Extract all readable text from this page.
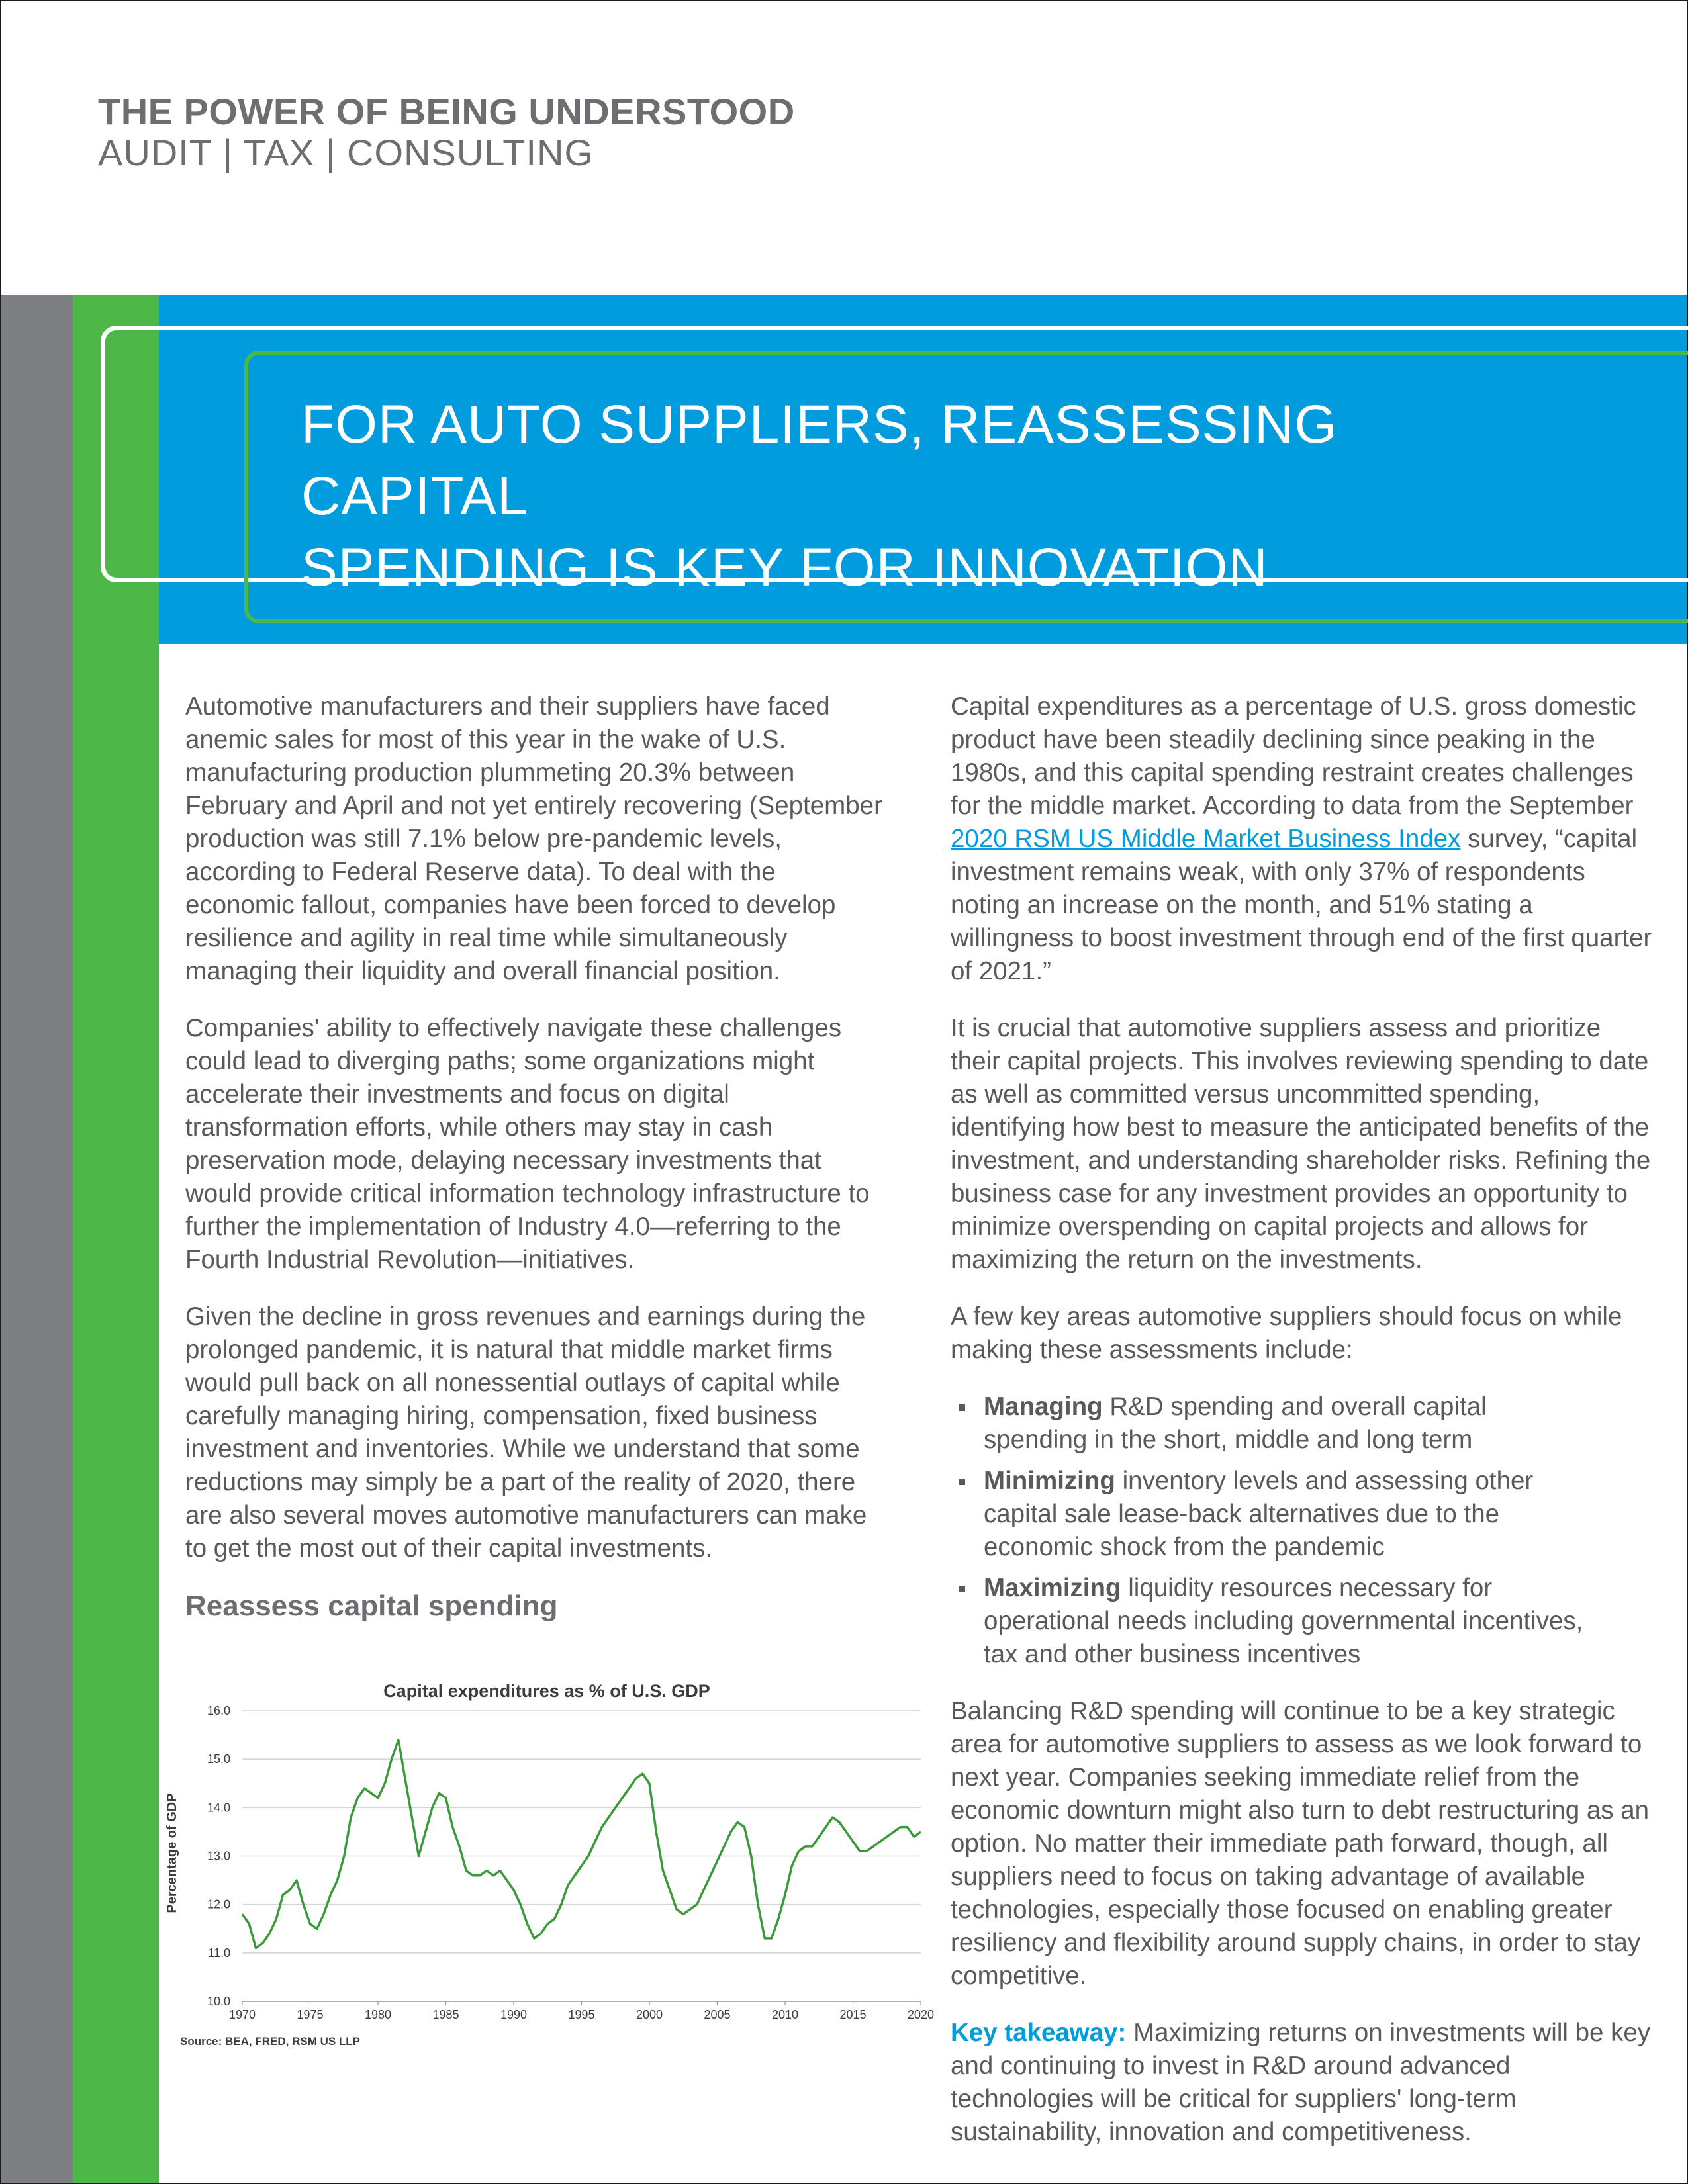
THE POWER OF BEING UNDERSTOOD
AUDIT | TAX | CONSULTING
FOR AUTO SUPPLIERS, REASSESSING CAPITAL
SPENDING IS KEY FOR INNOVATION

Automotive manufacturers and their suppliers have faced anemic sales for most of this year in the wake of U.S. manufacturing production plummeting 20.3% between February and April and not yet entirely recovering (September production was still 7.1% below pre-pandemic levels, according to Federal Reserve data). To deal with the economic fallout, companies have been forced to develop resilience and agility in real time while simultaneously managing their liquidity and overall financial position.

Companies' ability to effectively navigate these challenges could lead to diverging paths; some organizations might accelerate their investments and focus on digital transformation efforts, while others may stay in cash preservation mode, delaying necessary investments that would provide critical information technology infrastructure to further the implementation of Industry 4.0—referring to the Fourth Industrial Revolution—initiatives.

Given the decline in gross revenues and earnings during the prolonged pandemic, it is natural that middle market firms would pull back on all nonessential outlays of capital while carefully managing hiring, compensation, fixed business investment and inventories. While we understand that some reductions may simply be a part of the reality of 2020, there are also several moves automotive manufacturers can make to get the most out of their capital investments.

Reassess capital spending
Capital expenditures as % of U.S. GDP
Percentage of GDP
10.0
11.0
12.0
13.0
14.0
15.0
16.0
1970	1975	1980	1985	1990	1995	2000	2005	2010	2015	2020
Source: BEA, FRED, RSM US LLP

Capital expenditures as a percentage of U.S. gross domestic product have been steadily declining since peaking in the 1980s, and this capital spending restraint creates challenges for the middle market. According to data from the September 2020 RSM US Middle Market Business Index survey, “capital investment remains weak, with only 37% of respondents noting an increase on the month, and 51% stating a willingness to boost investment through end of the first quarter of 2021.”

It is crucial that automotive suppliers assess and prioritize their capital projects. This involves reviewing spending to date as well as committed versus uncommitted spending, identifying how best to measure the anticipated benefits of the investment, and understanding shareholder risks. Refining the business case for any investment provides an opportunity to minimize overspending on capital projects and allows for maximizing the return on the investments.

A few key areas automotive suppliers should focus on while making these assessments include:

Managing R&D spending and overall capital spending in the short, middle and long term
Minimizing inventory levels and assessing other capital sale lease-back alternatives due to the economic shock from the pandemic
Maximizing liquidity resources necessary for operational needs including governmental incentives, tax and other business incentives

Balancing R&D spending will continue to be a key strategic area for automotive suppliers to assess as we look forward to next year. Companies seeking immediate relief from the economic downturn might also turn to debt restructuring as an option. No matter their immediate path forward, though, all suppliers need to focus on taking advantage of available technologies, especially those focused on enabling greater resiliency and flexibility around supply chains, in order to stay competitive.

Key takeaway: Maximizing returns on investments will be key and continuing to invest in R&D around advanced technologies will be critical for suppliers' long-term sustainability, innovation and competitiveness.
